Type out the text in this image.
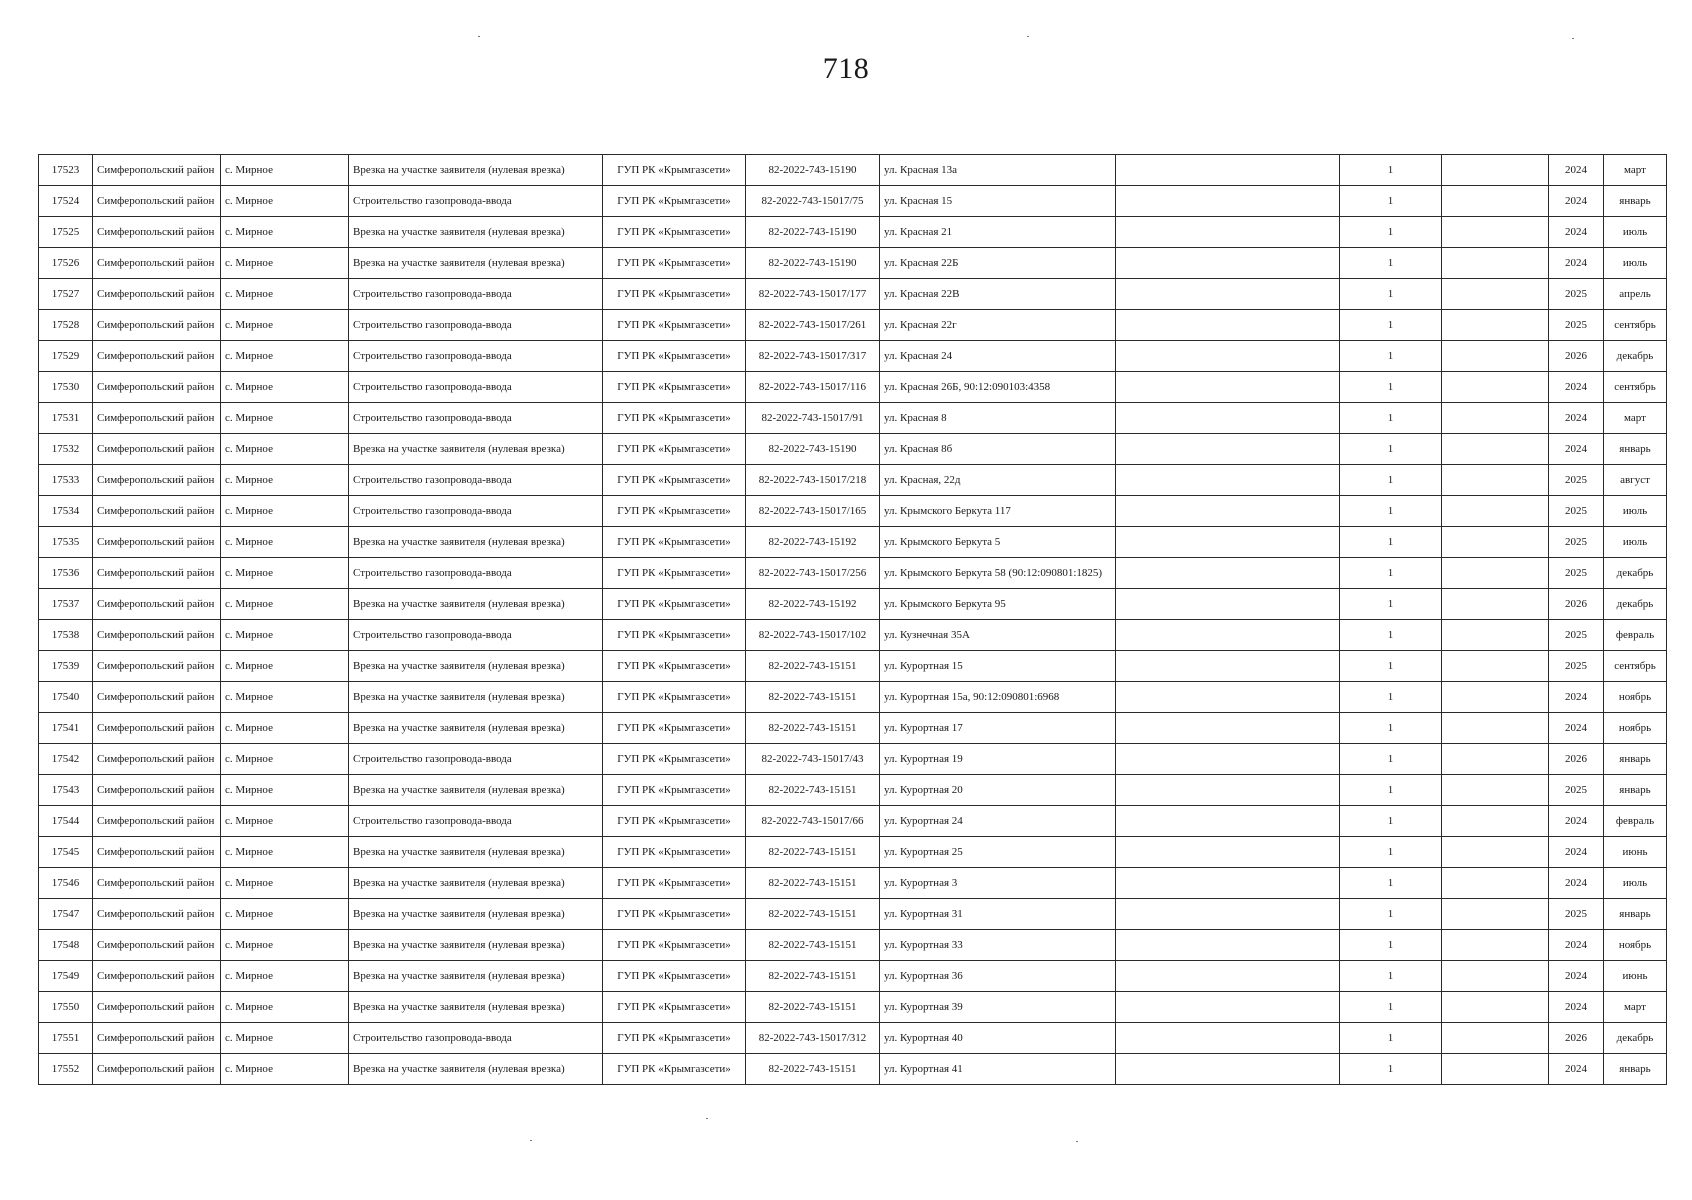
718
17523	Симферопольский район	с. Мирное	Врезка на участке заявителя (нулевая врезка)	ГУП РК «Крымгазсети»	82-2022-743-15190	ул. Красная 13а		1		2024	март
17524	Симферопольский район	с. Мирное	Строительство газопровода-ввода	ГУП РК «Крымгазсети»	82-2022-743-15017/75	ул. Красная 15		1		2024	январь
17525	Симферопольский район	с. Мирное	Врезка на участке заявителя (нулевая врезка)	ГУП РК «Крымгазсети»	82-2022-743-15190	ул. Красная 21		1		2024	июль
17526	Симферопольский район	с. Мирное	Врезка на участке заявителя (нулевая врезка)	ГУП РК «Крымгазсети»	82-2022-743-15190	ул. Красная 22Б		1		2024	июль
17527	Симферопольский район	с. Мирное	Строительство газопровода-ввода	ГУП РК «Крымгазсети»	82-2022-743-15017/177	ул. Красная 22В		1		2025	апрель
17528	Симферопольский район	с. Мирное	Строительство газопровода-ввода	ГУП РК «Крымгазсети»	82-2022-743-15017/261	ул. Красная 22г		1		2025	сентябрь
17529	Симферопольский район	с. Мирное	Строительство газопровода-ввода	ГУП РК «Крымгазсети»	82-2022-743-15017/317	ул. Красная 24		1		2026	декабрь
17530	Симферопольский район	с. Мирное	Строительство газопровода-ввода	ГУП РК «Крымгазсети»	82-2022-743-15017/116	ул. Красная 26Б, 90:12:090103:4358		1		2024	сентябрь
17531	Симферопольский район	с. Мирное	Строительство газопровода-ввода	ГУП РК «Крымгазсети»	82-2022-743-15017/91	ул. Красная 8		1		2024	март
17532	Симферопольский район	с. Мирное	Врезка на участке заявителя (нулевая врезка)	ГУП РК «Крымгазсети»	82-2022-743-15190	ул. Красная 8б		1		2024	январь
17533	Симферопольский район	с. Мирное	Строительство газопровода-ввода	ГУП РК «Крымгазсети»	82-2022-743-15017/218	ул. Красная, 22д		1		2025	август
17534	Симферопольский район	с. Мирное	Строительство газопровода-ввода	ГУП РК «Крымгазсети»	82-2022-743-15017/165	ул. Крымского Беркута 117		1		2025	июль
17535	Симферопольский район	с. Мирное	Врезка на участке заявителя (нулевая врезка)	ГУП РК «Крымгазсети»	82-2022-743-15192	ул. Крымского Беркута 5		1		2025	июль
17536	Симферопольский район	с. Мирное	Строительство газопровода-ввода	ГУП РК «Крымгазсети»	82-2022-743-15017/256	ул. Крымского Беркута 58 (90:12:090801:1825)		1		2025	декабрь
17537	Симферопольский район	с. Мирное	Врезка на участке заявителя (нулевая врезка)	ГУП РК «Крымгазсети»	82-2022-743-15192	ул. Крымского Беркута 95		1		2026	декабрь
17538	Симферопольский район	с. Мирное	Строительство газопровода-ввода	ГУП РК «Крымгазсети»	82-2022-743-15017/102	ул. Кузнечная 35А		1		2025	февраль
17539	Симферопольский район	с. Мирное	Врезка на участке заявителя (нулевая врезка)	ГУП РК «Крымгазсети»	82-2022-743-15151	ул. Курортная 15		1		2025	сентябрь
17540	Симферопольский район	с. Мирное	Врезка на участке заявителя (нулевая врезка)	ГУП РК «Крымгазсети»	82-2022-743-15151	ул. Курортная 15а, 90:12:090801:6968		1		2024	ноябрь
17541	Симферопольский район	с. Мирное	Врезка на участке заявителя (нулевая врезка)	ГУП РК «Крымгазсети»	82-2022-743-15151	ул. Курортная 17		1		2024	ноябрь
17542	Симферопольский район	с. Мирное	Строительство газопровода-ввода	ГУП РК «Крымгазсети»	82-2022-743-15017/43	ул. Курортная 19		1		2026	январь
17543	Симферопольский район	с. Мирное	Врезка на участке заявителя (нулевая врезка)	ГУП РК «Крымгазсети»	82-2022-743-15151	ул. Курортная 20		1		2025	январь
17544	Симферопольский район	с. Мирное	Строительство газопровода-ввода	ГУП РК «Крымгазсети»	82-2022-743-15017/66	ул. Курортная 24		1		2024	февраль
17545	Симферопольский район	с. Мирное	Врезка на участке заявителя (нулевая врезка)	ГУП РК «Крымгазсети»	82-2022-743-15151	ул. Курортная 25		1		2024	июнь
17546	Симферопольский район	с. Мирное	Врезка на участке заявителя (нулевая врезка)	ГУП РК «Крымгазсети»	82-2022-743-15151	ул. Курортная 3		1		2024	июль
17547	Симферопольский район	с. Мирное	Врезка на участке заявителя (нулевая врезка)	ГУП РК «Крымгазсети»	82-2022-743-15151	ул. Курортная 31		1		2025	январь
17548	Симферопольский район	с. Мирное	Врезка на участке заявителя (нулевая врезка)	ГУП РК «Крымгазсети»	82-2022-743-15151	ул. Курортная 33		1		2024	ноябрь
17549	Симферопольский район	с. Мирное	Врезка на участке заявителя (нулевая врезка)	ГУП РК «Крымгазсети»	82-2022-743-15151	ул. Курортная 36		1		2024	июнь
17550	Симферопольский район	с. Мирное	Врезка на участке заявителя (нулевая врезка)	ГУП РК «Крымгазсети»	82-2022-743-15151	ул. Курортная 39		1		2024	март
17551	Симферопольский район	с. Мирное	Строительство газопровода-ввода	ГУП РК «Крымгазсети»	82-2022-743-15017/312	ул. Курортная 40		1		2026	декабрь
17552	Симферопольский район	с. Мирное	Врезка на участке заявителя (нулевая врезка)	ГУП РК «Крымгазсети»	82-2022-743-15151	ул. Курортная 41		1		2024	январь
